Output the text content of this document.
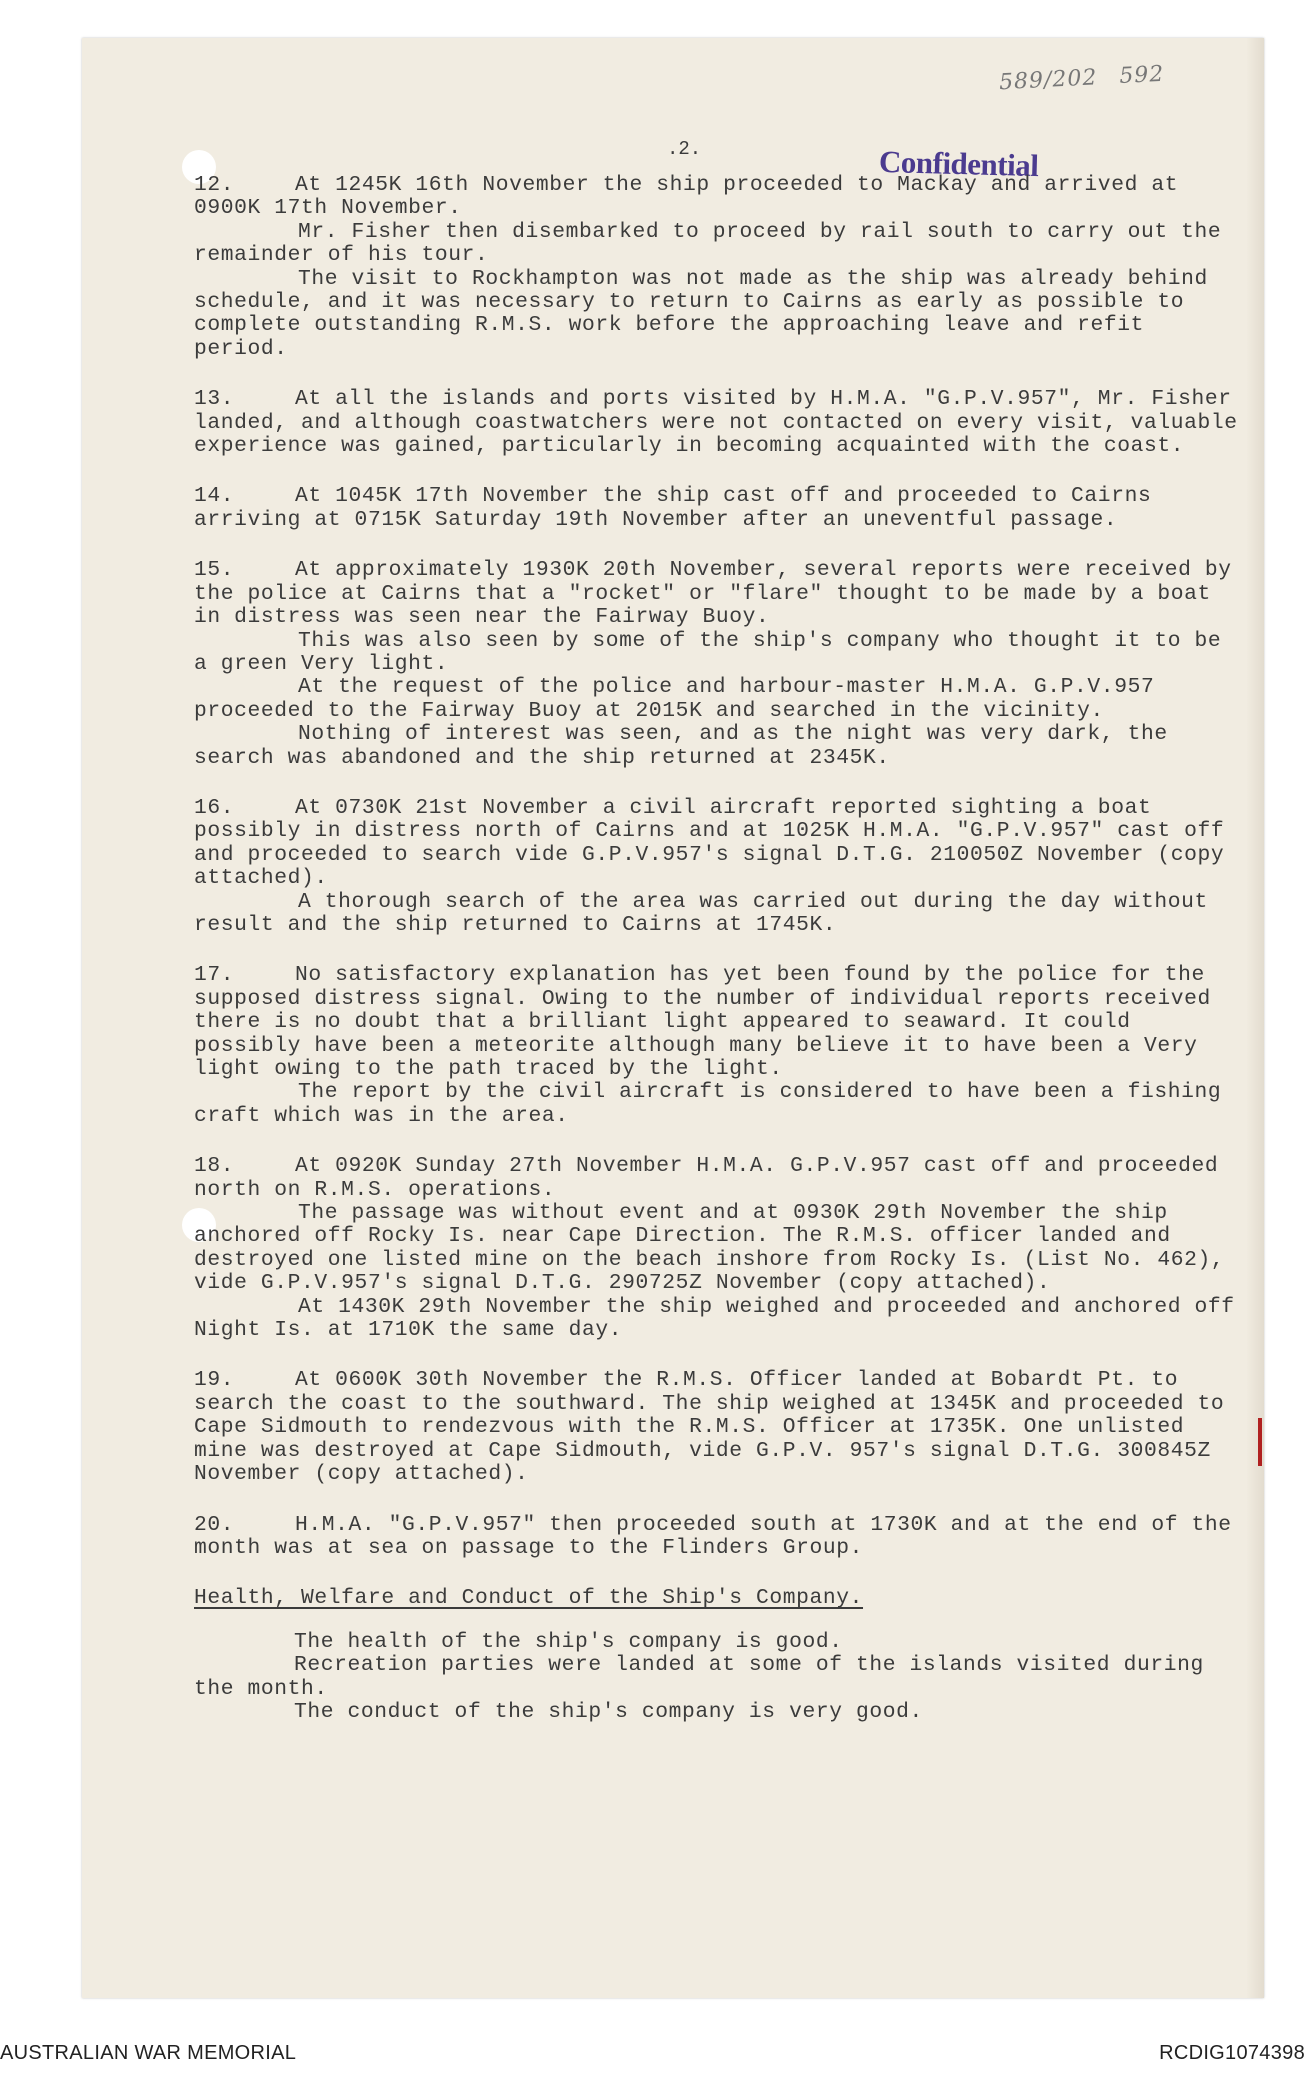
589/202 592
.2.	Confidential

12.	At 1245K 16th November the ship proceeded to Mackay and arrived at 0900K 17th November.

Mr. Fisher then disembarked to proceed by rail south to carry out the remainder of his tour.

The visit to Rockhampton was not made as the ship was already behind schedule, and it was necessary to return to Cairns as early as possible to complete outstanding R.M.S. work before the approaching leave and refit period.

13.	At all the islands and ports visited by H.M.A. "G.P.V.957", Mr. Fisher landed, and although coastwatchers were not contacted on every visit, valuable experience was gained, particularly in becoming acquainted with the coast.

14.	At 1045K 17th November the ship cast off and proceeded to Cairns arriving at 0715K Saturday 19th November after an uneventful passage.

15.	At approximately 1930K 20th November, several reports were received by the police at Cairns that a "rocket" or "flare" thought to be made by a boat in distress was seen near the Fairway Buoy.

This was also seen by some of the ship's company who thought it to be a green Very light.

At the request of the police and harbour-master H.M.A. G.P.V.957 proceeded to the Fairway Buoy at 2015K and searched in the vicinity.

Nothing of interest was seen, and as the night was very dark, the search was abandoned and the ship returned at 2345K.

16.	At 0730K 21st November a civil aircraft reported sighting a boat possibly in distress north of Cairns and at 1025K H.M.A. "G.P.V.957" cast off and proceeded to search vide G.P.V.957's signal D.T.G. 210050Z November (copy attached).

A thorough search of the area was carried out during the day without result and the ship returned to Cairns at 1745K.

17.	No satisfactory explanation has yet been found by the police for the supposed distress signal. Owing to the number of individual reports received there is no doubt that a brilliant light appeared to seaward. It could possibly have been a meteorite although many believe it to have been a Very light owing to the path traced by the light.

The report by the civil aircraft is considered to have been a fishing craft which was in the area.

18.	At 0920K Sunday 27th November H.M.A. G.P.V.957 cast off and proceeded north on R.M.S. operations.

The passage was without event and at 0930K 29th November the ship anchored off Rocky Is. near Cape Direction. The R.M.S. officer landed and destroyed one listed mine on the beach inshore from Rocky Is. (List No. 462), vide G.P.V.957's signal D.T.G. 290725Z November (copy attached).

At 1430K 29th November the ship weighed and proceeded and anchored off Night Is. at 1710K the same day.

19.	At 0600K 30th November the R.M.S. Officer landed at Bobardt Pt. to search the coast to the southward. The ship weighed at 1345K and proceeded to Cape Sidmouth to rendezvous with the R.M.S. Officer at 1735K. One unlisted mine was destroyed at Cape Sidmouth, vide G.P.V. 957's signal D.T.G. 300845Z November (copy attached).

20.	H.M.A. "G.P.V.957" then proceeded south at 1730K and at the end of the month was at sea on passage to the Flinders Group.

Health, Welfare and Conduct of the Ship's Company.

The health of the ship's company is good.

Recreation parties were landed at some of the islands visited during the month.

The conduct of the ship's company is very good.

AUSTRALIAN WAR MEMORIAL	RCDIG1074398
